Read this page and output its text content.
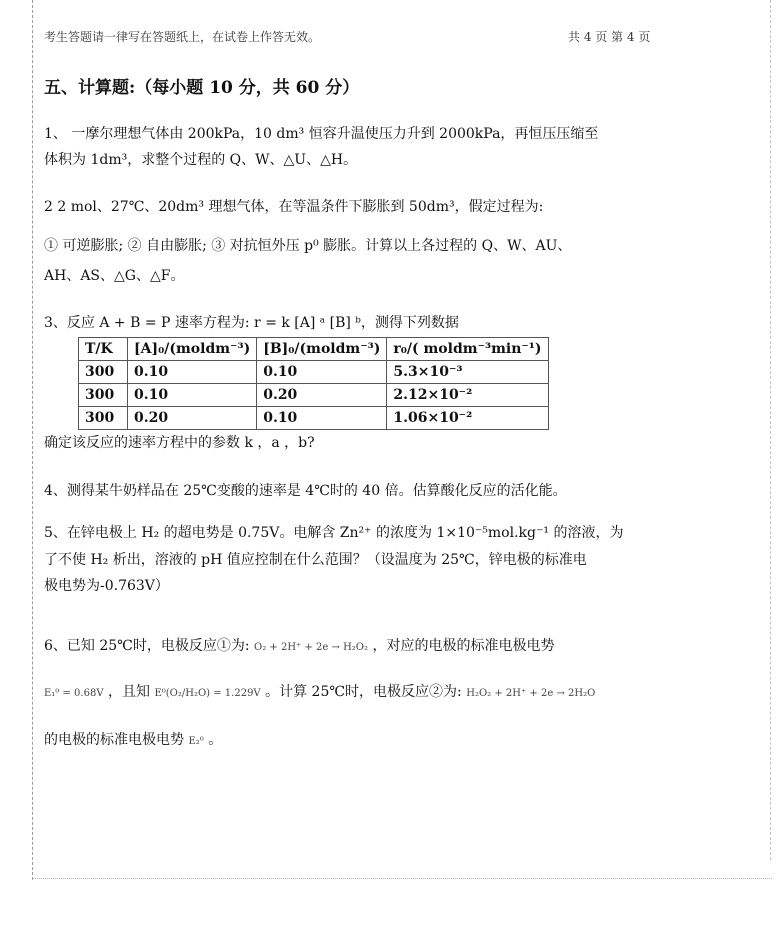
考生答题请一律写在答题纸上，在试卷上作答无效。	共 4 页 第 4 页
五、计算题:（每小题 10 分，共 60 分）
1、 一摩尔理想气体由 200kPa，10 dm³ 恒容升温使压力升到 2000kPa，再恒压压缩至
体积为 1dm³，求整个过程的 Q、W、△U、△H。
2 2 mol、27℃、20dm³ 理想气体，在等温条件下膨胀到 50dm³，假定过程为:
① 可逆膨胀; ② 自由膨胀; ③ 对抗恒外压 p⁰ 膨胀。计算以上各过程的 Q、W、AU、
AH、AS、△G、△F。
3、反应 A + B = P 速率方程为: r = k [A] ᵃ [B] ᵇ，测得下列数据
T/K	[A]₀/(moldm⁻³)	[B]₀/(moldm⁻³)	r₀/( moldm⁻³min⁻¹)
300	0.10	0.10	5.3×10⁻³
300	0.10	0.20	2.12×10⁻²
300	0.20	0.10	1.06×10⁻²
确定该反应的速率方程中的参数 k ，a ，b?
4、测得某牛奶样品在 25℃变酸的速率是 4℃时的 40 倍。估算酸化反应的活化能。
5、在锌电极上 H₂ 的超电势是 0.75V。电解含 Zn²⁺ 的浓度为 1×10⁻⁵mol.kg⁻¹ 的溶液，为
了不使 H₂ 析出，溶液的 pH 值应控制在什么范围？（设温度为 25℃，锌电极的标准电
极电势为-0.763V）
6、已知 25℃时，电极反应①为: O₂ + 2H⁺ + 2e → H₂O₂ ，对应的电极的标准电极电势
E₁⁰ = 0.68V ，且知 E⁰(O₂/H₂O) = 1.229V 。计算 25℃时，电极反应②为: H₂O₂ + 2H⁺ + 2e → 2H₂O
的电极的标准电极电势 E₂⁰ 。
